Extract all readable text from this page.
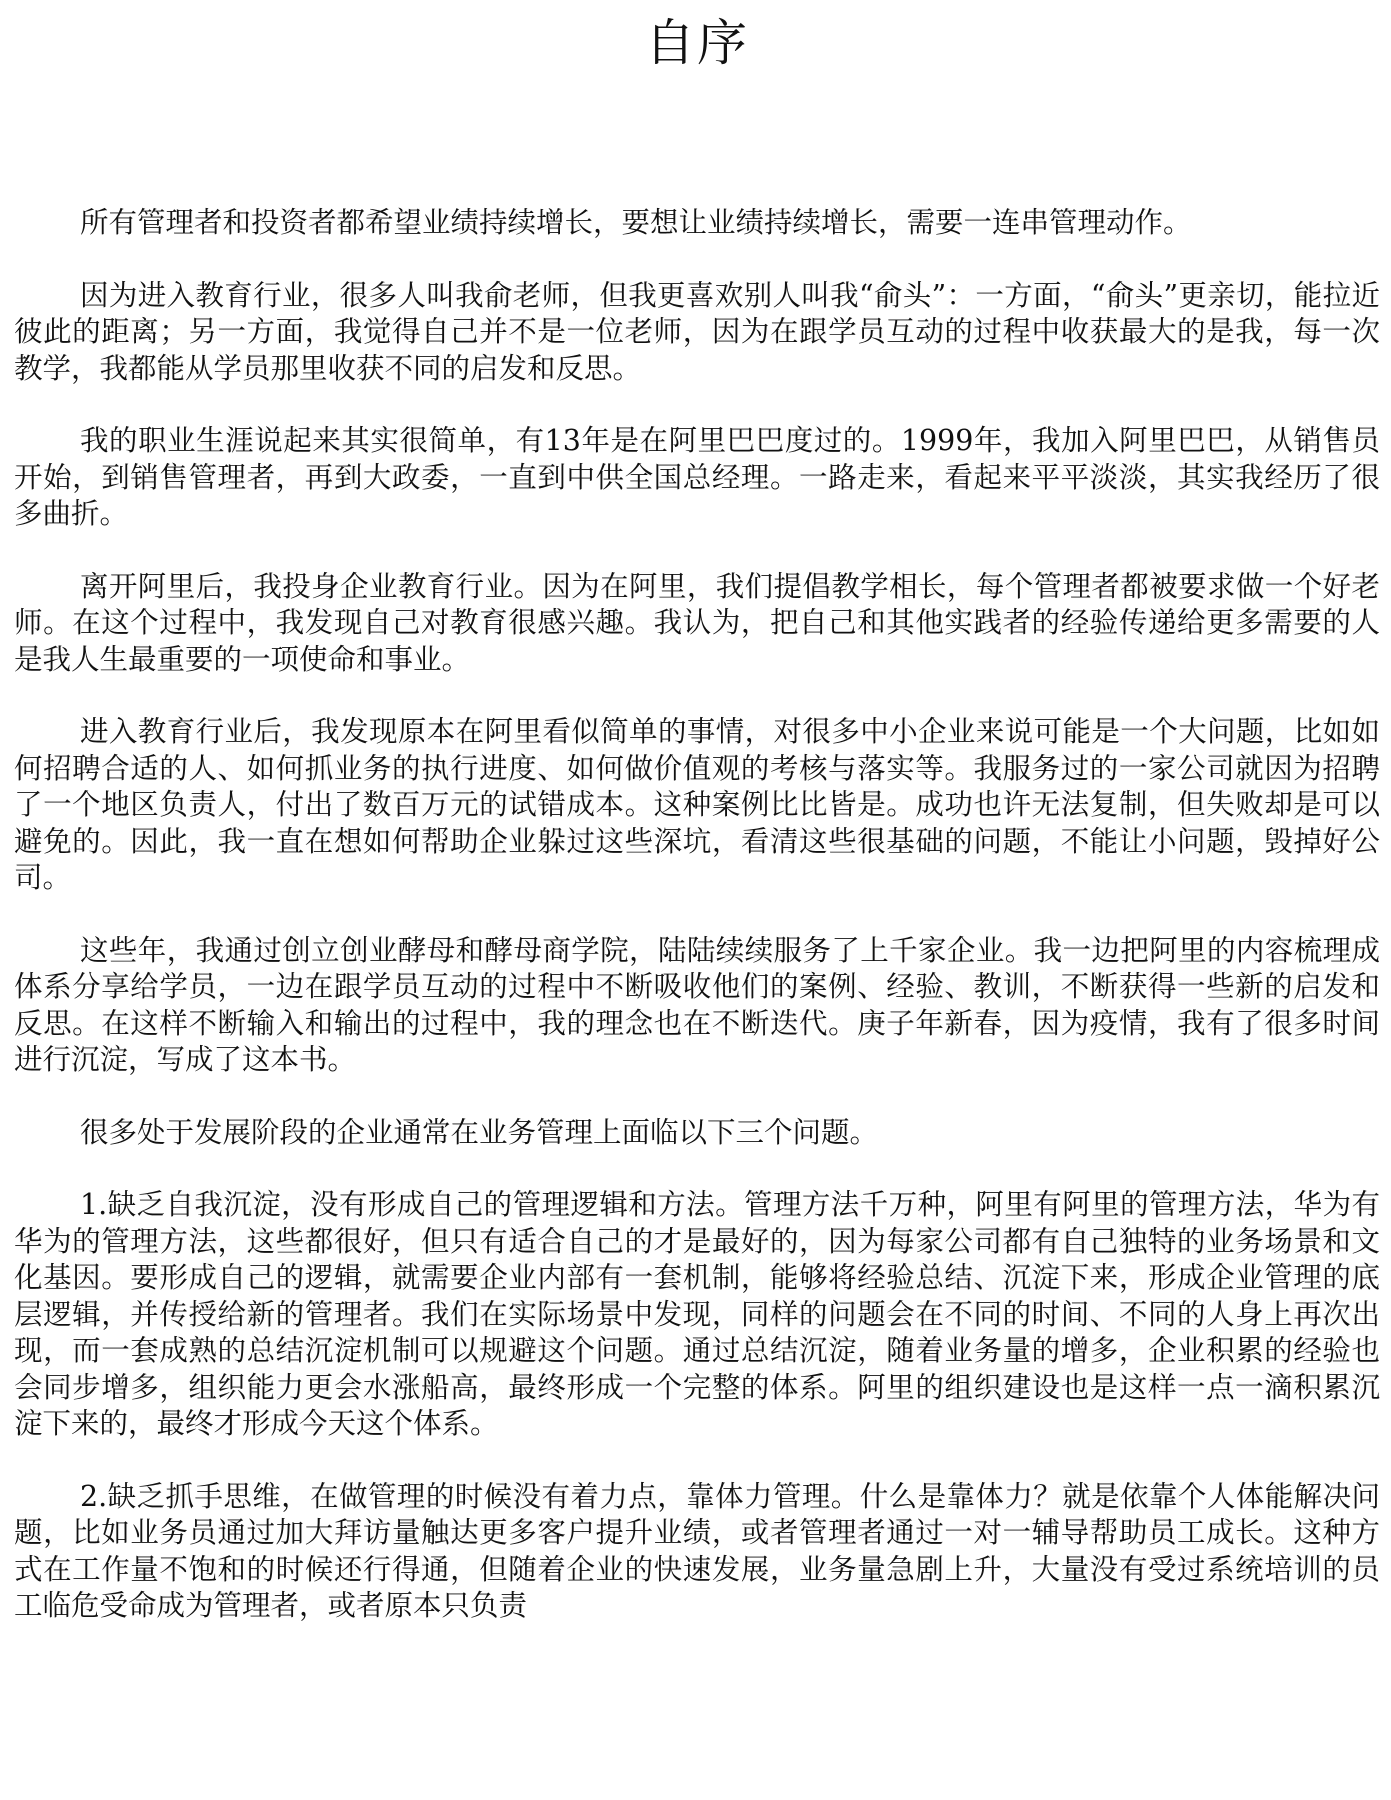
自序

所有管理者和投资者都希望业绩持续增长，要想让业绩持续增长，需要一连串管理动作。

因为进入教育行业，很多人叫我俞老师，但我更喜欢别人叫我“俞头”：一方面，“俞头”更亲切，能拉近彼此的距离；另一方面，我觉得自己并不是一位老师，因为在跟学员互动的过程中收获最大的是我，每一次教学，我都能从学员那里收获不同的启发和反思。

我的职业生涯说起来其实很简单，有13年是在阿里巴巴度过的。1999年，我加入阿里巴巴，从销售员开始，到销售管理者，再到大政委，一直到中供全国总经理。一路走来，看起来平平淡淡，其实我经历了很多曲折。

离开阿里后，我投身企业教育行业。因为在阿里，我们提倡教学相长，每个管理者都被要求做一个好老师。在这个过程中，我发现自己对教育很感兴趣。我认为，把自己和其他实践者的经验传递给更多需要的人是我人生最重要的一项使命和事业。

进入教育行业后，我发现原本在阿里看似简单的事情，对很多中小企业来说可能是一个大问题，比如如何招聘合适的人、如何抓业务的执行进度、如何做价值观的考核与落实等。我服务过的一家公司就因为招聘了一个地区负责人，付出了数百万元的试错成本。这种案例比比皆是。成功也许无法复制，但失败却是可以避免的。因此，我一直在想如何帮助企业躲过这些深坑，看清这些很基础的问题，不能让小问题，毁掉好公司。

这些年，我通过创立创业酵母和酵母商学院，陆陆续续服务了上千家企业。我一边把阿里的内容梳理成体系分享给学员，一边在跟学员互动的过程中不断吸收他们的案例、经验、教训，不断获得一些新的启发和反思。在这样不断输入和输出的过程中，我的理念也在不断迭代。庚子年新春，因为疫情，我有了很多时间进行沉淀，写成了这本书。

很多处于发展阶段的企业通常在业务管理上面临以下三个问题。

1.缺乏自我沉淀，没有形成自己的管理逻辑和方法。管理方法千万种，阿里有阿里的管理方法，华为有华为的管理方法，这些都很好，但只有适合自己的才是最好的，因为每家公司都有自己独特的业务场景和文化基因。要形成自己的逻辑，就需要企业内部有一套机制，能够将经验总结、沉淀下来，形成企业管理的底层逻辑，并传授给新的管理者。我们在实际场景中发现，同样的问题会在不同的时间、不同的人身上再次出现，而一套成熟的总结沉淀机制可以规避这个问题。通过总结沉淀，随着业务量的增多，企业积累的经验也会同步增多，组织能力更会水涨船高，最终形成一个完整的体系。阿里的组织建设也是这样一点一滴积累沉淀下来的，最终才形成今天这个体系。

2.缺乏抓手思维，在做管理的时候没有着力点，靠体力管理。什么是靠体力？就是依靠个人体能解决问题，比如业务员通过加大拜访量触达更多客户提升业绩，或者管理者通过一对一辅导帮助员工成长。这种方式在工作量不饱和的时候还行得通，但随着企业的快速发展，业务量急剧上升，大量没有受过系统培训的员工临危受命成为管理者，或者原本只负责
